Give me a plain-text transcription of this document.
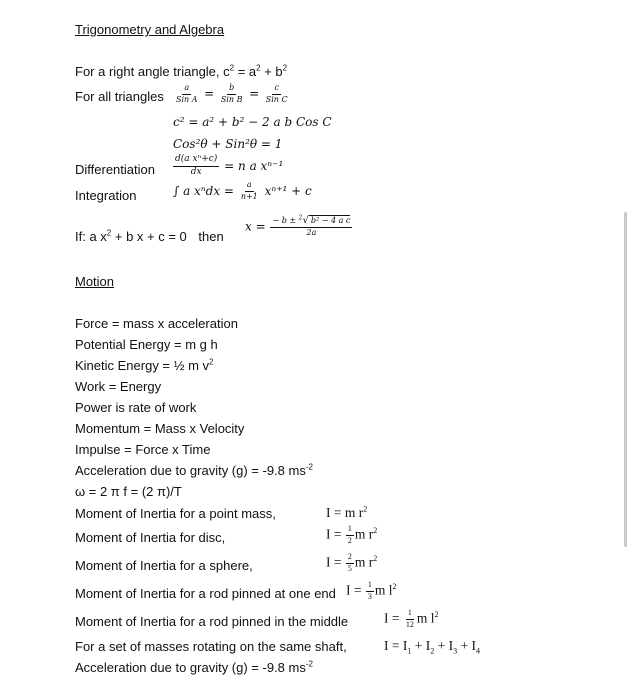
Trigonometry and Algebra
For a right angle triangle, $c^2 = a^2 + b^2$
For all triangles $\frac{a}{\text{Sin A}} = \frac{b}{\text{Sin B}} = \frac{c}{\text{Sin C}}$
c² = a² + b² − 2 a b Cos C
Cos²θ + Sin²θ = 1
Differentiation $\frac{\text{d(a xⁿ+c)}}{dx} = n$ a xⁿ⁻¹
Integration	∫ a $x^ndx = \frac{a}{n+1} x^{n+1} + c$
If: a $x^2 + b$ x + c = 0 then
$x = \frac{- b \pm ^2√ b^2 - 4 a c}{2a}$
Motion
Force = mass x acceleration
Potential Energy = m g h
Kinetic Energy = ½ m $v^2$
Work = Energy
Power is rate of work
Momentum = Mass x Velocity
Impulse = Force x Time
Acceleration due to gravity (g) = -9.8 $ms^{-2}$
ω = 2 π f = (2 π)/T
Moment of Inertia for a point mass,	I = m $r^2$
Moment of Inertia for disc,	$I = \frac{1}{2}$ m $r^2$
Moment of Inertia for a sphere,	$I = \frac{2}{5}$ m $r^2$
Moment of Inertia for a rod pinned at one end $I = \frac{1}{3}$ m $l^2$
Moment of Inertia for a rod pinned in the middle	$I = \frac{1}{12}$ m $l^2$
For a set of masses rotating on the same shaft,	$I = I_1 + I_2 + I_3 + I_4$
Acceleration due to gravity (g) = -9.8 $ms^{-2}$
